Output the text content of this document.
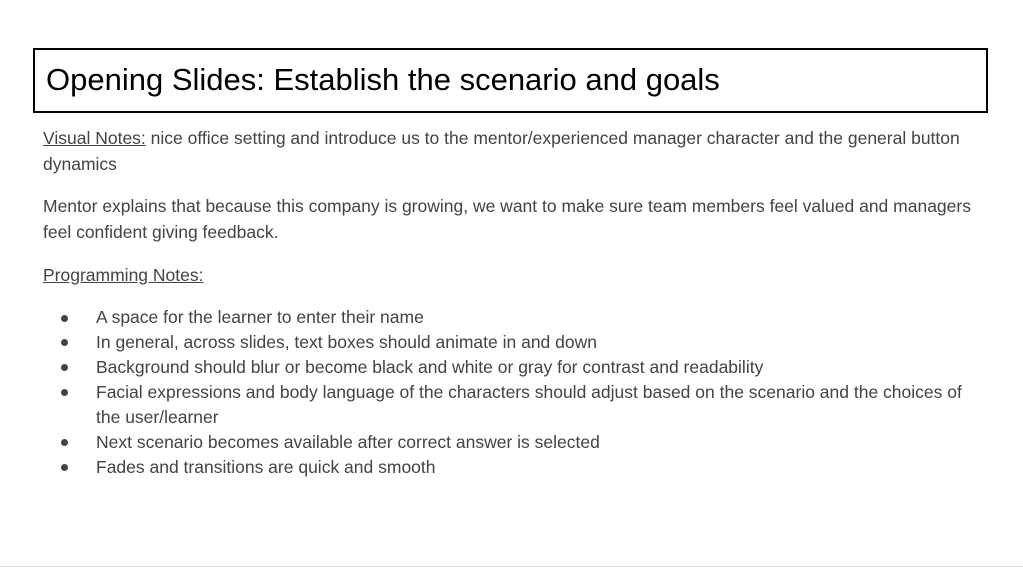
Opening Slides: Establish the scenario and goals

Visual Notes: nice office setting and introduce us to the mentor/experienced manager character and the general button dynamics

Mentor explains that because this company is growing, we want to make sure team members feel valued and managers feel confident giving feedback.

Programming Notes:

A space for the learner to enter their name
In general, across slides, text boxes should animate in and down
Background should blur or become black and white or gray for contrast and readability
Facial expressions and body language of the characters should adjust based on the scenario and the choices of the user/learner
Next scenario becomes available after correct answer is selected
Fades and transitions are quick and smooth
